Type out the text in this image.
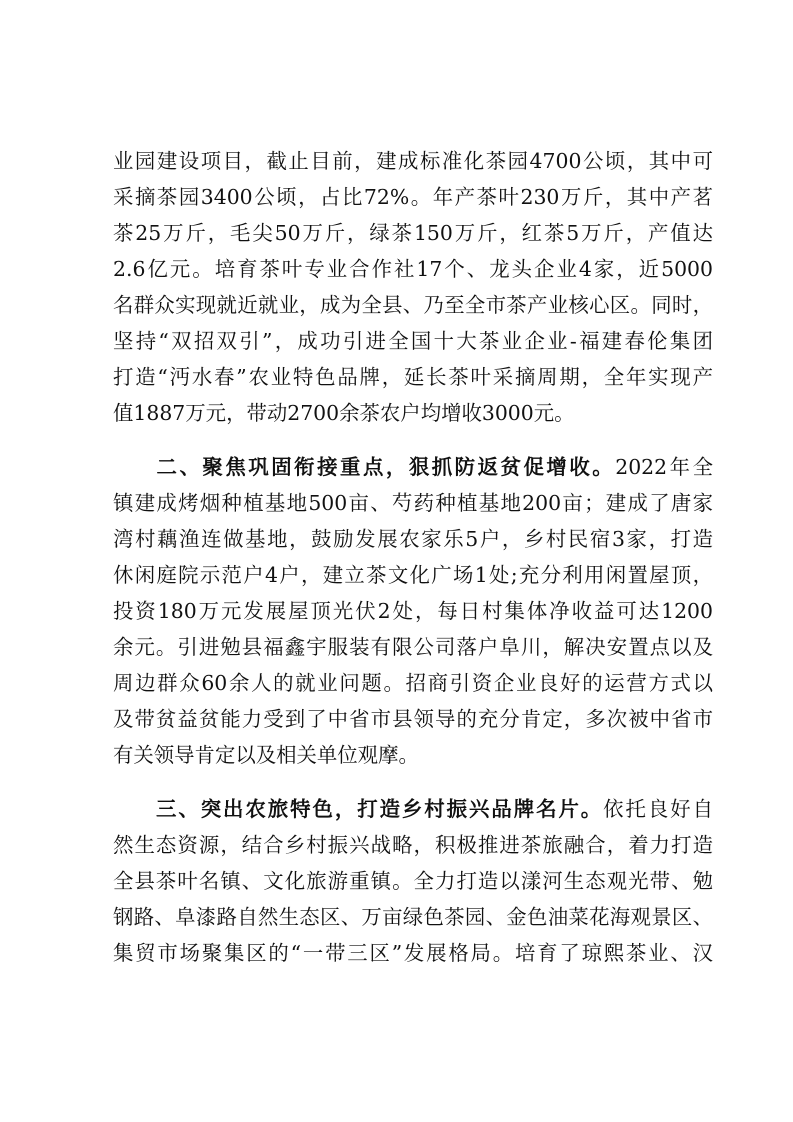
业园建设项目，截止目前，建成标准化茶园4700公顷，其中可
采摘茶园3400公顷，占比72%。年产茶叶230万斤，其中产茗
茶25万斤，毛尖50万斤，绿茶150万斤，红茶5万斤，产值达
2.6亿元。培育茶叶专业合作社17个、龙头企业4家，近5000
名群众实现就近就业，成为全县、乃至全市茶产业核心区。同时，
坚持“双招双引”，成功引进全国十大茶业企业-福建春伦集团
打造“沔水春”农业特色品牌，延长茶叶采摘周期，全年实现产
值1887万元，带动2700余茶农户均增收3000元。
二、聚焦巩固衔接重点，狠抓防返贫促增收。2022年全
镇建成烤烟种植基地500亩、芍药种植基地200亩；建成了唐家
湾村藕渔连做基地，鼓励发展农家乐5户，乡村民宿3家，打造
休闲庭院示范户4户，建立茶文化广场1处;充分利用闲置屋顶，
投资180万元发展屋顶光伏2处，每日村集体净收益可达1200
余元。引进勉县福鑫宇服装有限公司落户阜川，解决安置点以及
周边群众60余人的就业问题。招商引资企业良好的运营方式以
及带贫益贫能力受到了中省市县领导的充分肯定，多次被中省市
有关领导肯定以及相关单位观摩。
三、突出农旅特色，打造乡村振兴品牌名片。依托良好自
然生态资源，结合乡村振兴战略，积极推进茶旅融合，着力打造
全县茶叶名镇、文化旅游重镇。全力打造以漾河生态观光带、勉
钢路、阜漆路自然生态区、万亩绿色茶园、金色油菜花海观景区、
集贸市场聚集区的“一带三区”发展格局。培育了琼熙茶业、汉
